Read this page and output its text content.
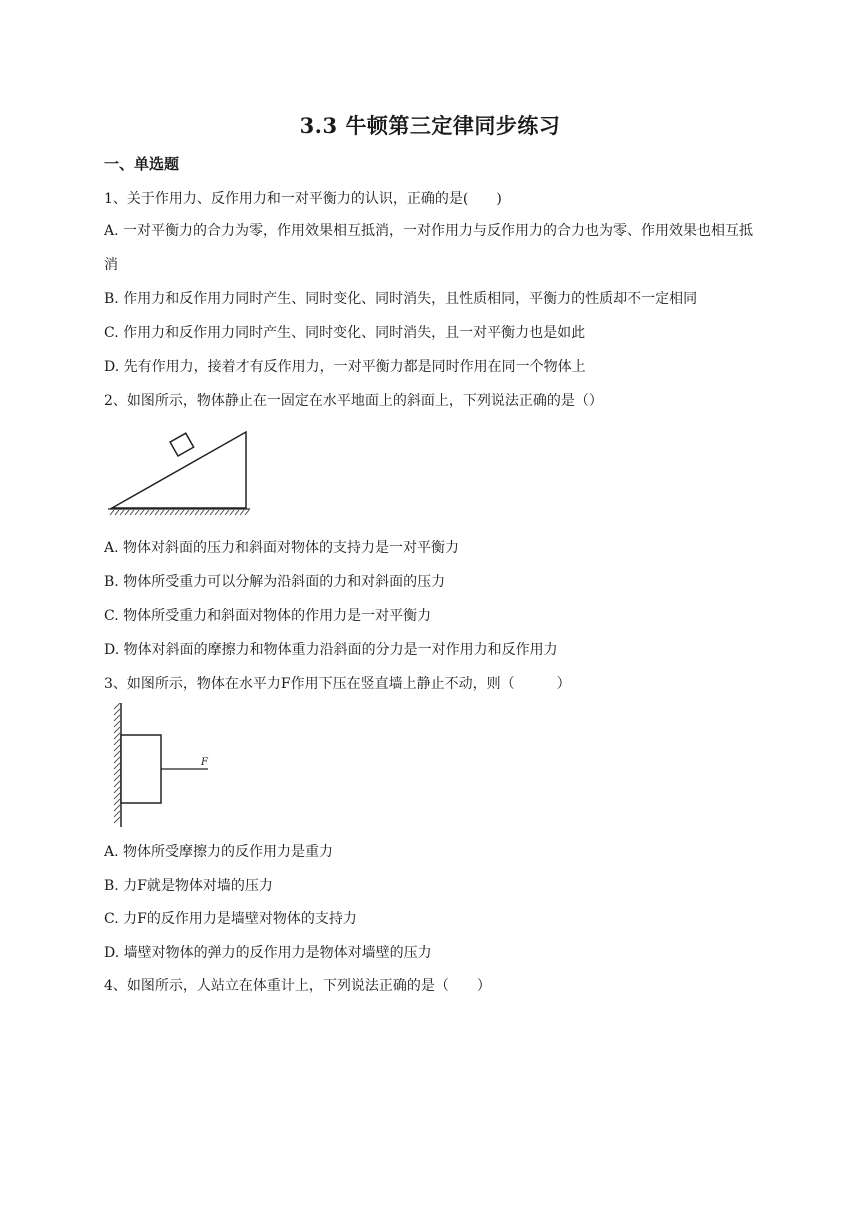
3.3 牛顿第三定律同步练习
一、单选题
1、关于作用力、反作用力和一对平衡力的认识，正确的是(　　)
A. 一对平衡力的合力为零，作用效果相互抵消，一对作用力与反作用力的合力也为零、作用效果也相互抵消
B. 作用力和反作用力同时产生、同时变化、同时消失，且性质相同，平衡力的性质却不一定相同
C. 作用力和反作用力同时产生、同时变化、同时消失，且一对平衡力也是如此
D. 先有作用力，接着才有反作用力，一对平衡力都是同时作用在同一个物体上
2、如图所示，物体静止在一固定在水平地面上的斜面上，下列说法正确的是（）
A. 物体对斜面的压力和斜面对物体的支持力是一对平衡力
B. 物体所受重力可以分解为沿斜面的力和对斜面的压力
C. 物体所受重力和斜面对物体的作用力是一对平衡力
D. 物体对斜面的摩擦力和物体重力沿斜面的分力是一对作用力和反作用力
3、如图所示，物体在水平力F作用下压在竖直墙上静止不动，则（　　　）
F
A. 物体所受摩擦力的反作用力是重力
B. 力F就是物体对墙的压力
C. 力F的反作用力是墙壁对物体的支持力
D. 墙壁对物体的弹力的反作用力是物体对墙壁的压力
4、如图所示，人站立在体重计上，下列说法正确的是（　　）
